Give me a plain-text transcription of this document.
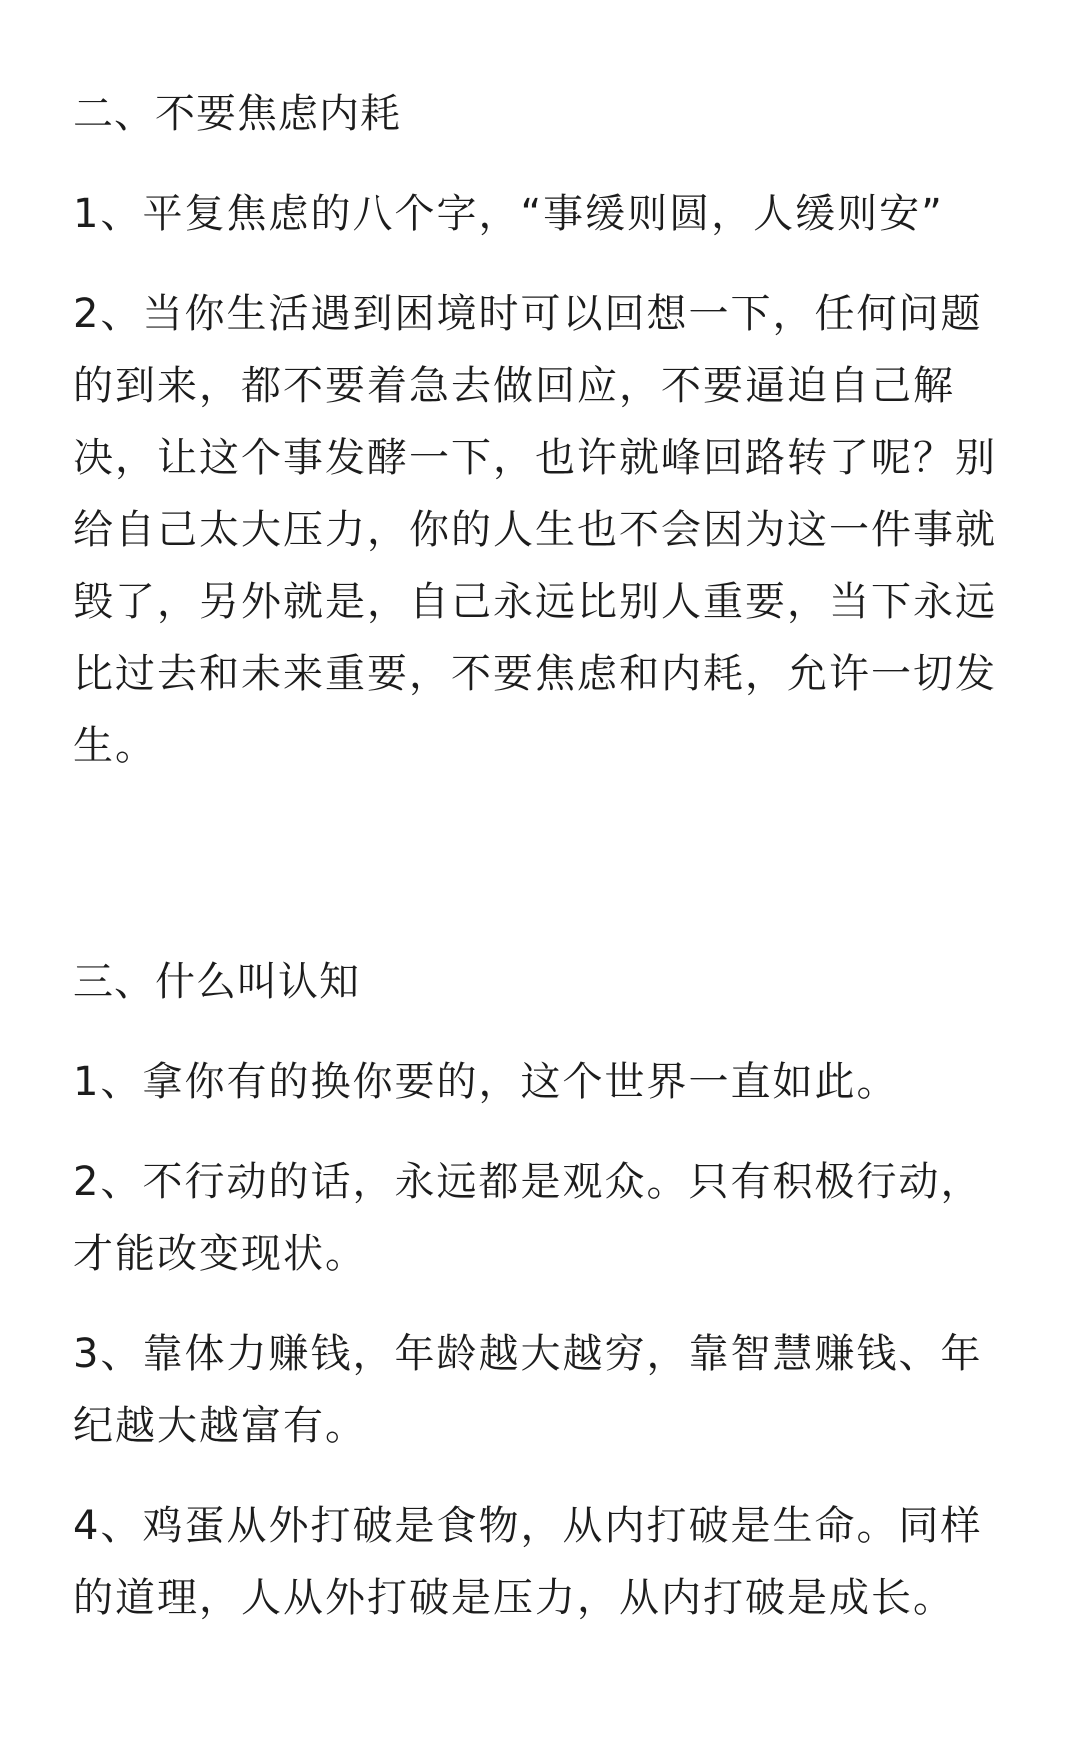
二、不要焦虑内耗

1、平复焦虑的八个字，“事缓则圆，人缓则安”

2、当你生活遇到困境时可以回想一下，任何问题的到来，都不要着急去做回应，不要逼迫自己解决，让这个事发酵一下，也许就峰回路转了呢？别给自己太大压力，你的人生也不会因为这一件事就毁了，另外就是，自己永远比别人重要，当下永远比过去和未来重要，不要焦虑和内耗，允许一切发生。

三、什么叫认知

1、拿你有的换你要的，这个世界一直如此。

2、不行动的话，永远都是观众。只有积极行动，才能改变现状。

3、靠体力赚钱，年龄越大越穷，靠智慧赚钱、年纪越大越富有。

4、鸡蛋从外打破是食物，从内打破是生命。同样的道理，人从外打破是压力，从内打破是成长。
